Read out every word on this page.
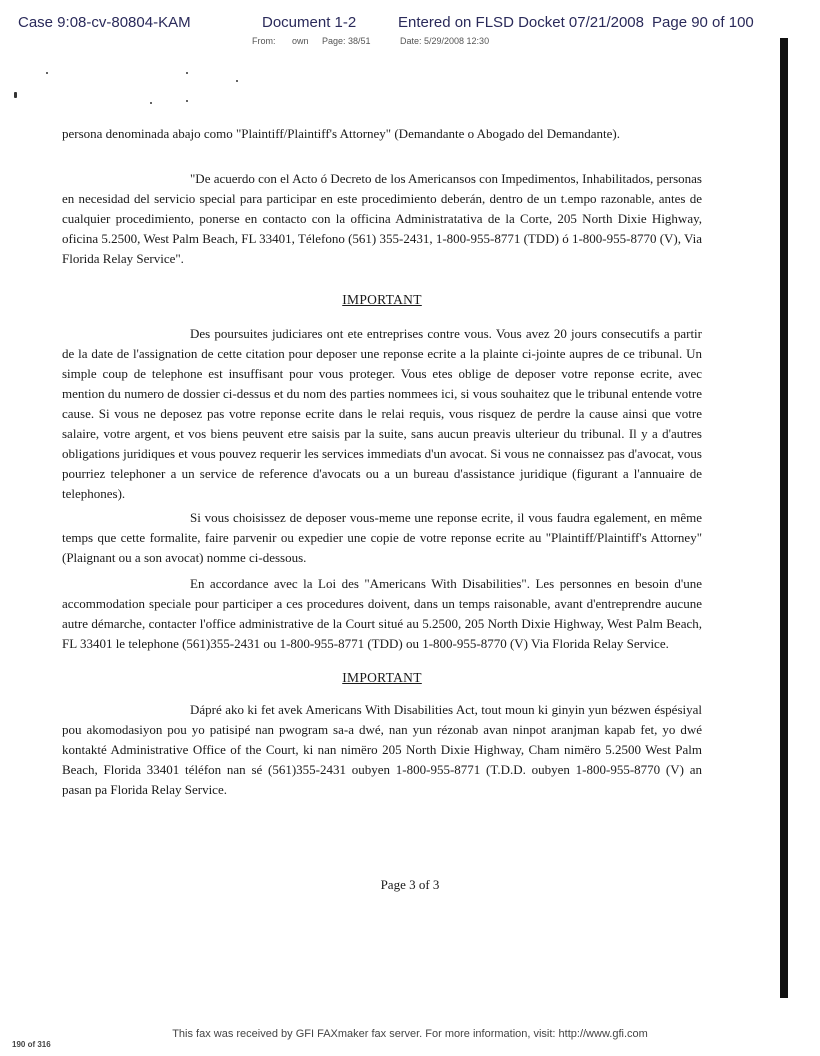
Case 9:08-cv-80804-KAM	Document 1-2	Entered on FLSD Docket 07/21/2008 Page 90 of 100
From: own Page: 38/51	Date: 5/29/2008 12:30

persona denominada abajo como "Plaintiff/Plaintiff's Attorney" (Demandante o Abogado del Demandante).

"De acuerdo con el Acto ó Decreto de los Americansos con Impedimentos, Inhabilitados, personas en necesidad del servicio special para participar en este procedimiento deberán, dentro de un t.empo razonable, antes de cualquier procedimiento, ponerse en contacto con la officina Administratativa de la Corte, 205 North Dixie Highway, oficina 5.2500, West Palm Beach, FL 33401, Télefono (561) 355-2431, 1-800-955-8771 (TDD) ó 1-800-955-8770 (V), Via Florida Relay Service".

IMPORTANT

Des poursuites judiciares ont ete entreprises contre vous. Vous avez 20 jours consecutifs a partir de la date de l'assignation de cette citation pour deposer une reponse ecrite a la plainte ci-jointe aupres de ce tribunal. Un simple coup de telephone est insuffisant pour vous proteger. Vous etes oblige de deposer votre reponse ecrite, avec mention du numero de dossier ci-dessus et du nom des parties nommees ici, si vous souhaitez que le tribunal entende votre cause. Si vous ne deposez pas votre reponse ecrite dans le relai requis, vous risquez de perdre la cause ainsi que votre salaire, votre argent, et vos biens peuvent etre saisis par la suite, sans aucun preavis ulterieur du tribunal. Il y a d'autres obligations juridiques et vous pouvez requerir les services immediats d'un avocat. Si vous ne connaissez pas d'avocat, vous pourriez telephoner a un service de reference d'avocats ou a un bureau d'assistance juridique (figurant a l'annuaire de telephones).

Si vous choisissez de deposer vous-meme une reponse ecrite, il vous faudra egalement, en même temps que cette formalite, faire parvenir ou expedier une copie de votre reponse ecrite au "Plaintiff/Plaintiff's Attorney" (Plaignant ou a son avocat) nomme ci-dessous.

En accordance avec la Loi des "Americans With Disabilities". Les personnes en besoin d'une accommodation speciale pour participer a ces procedures doivent, dans un temps raisonable, avant d'entreprendre aucune autre démarche, contacter l'office administrative de la Court situé au 5.2500, 205 North Dixie Highway, West Palm Beach, FL 33401 le telephone (561)355-2431 ou 1-800-955-8771 (TDD) ou 1-800-955-8770 (V) Via Florida Relay Service.

IMPORTANT

Dápré ako ki fet avek Americans With Disabilities Act, tout moun ki ginyin yun bézwen éspésiyal pou akomodasiyon pou yo patisipé nan pwogram sa-a dwé, nan yun rézonab avan ninpot aranjman kapab fet, yo dwé kontakté Administrative Office of the Court, ki nan nimëro 205 North Dixie Highway, Cham nimëro 5.2500 West Palm Beach, Florida 33401 téléfon nan sé (561)355-2431 oubyen 1-800-955-8771 (T.D.D. oubyen 1-800-955-8770 (V) an pasan pa Florida Relay Service.

Page 3 of 3
This fax was received by GFI FAXmaker fax server. For more information, visit: http://www.gfi.com
190 of 316
